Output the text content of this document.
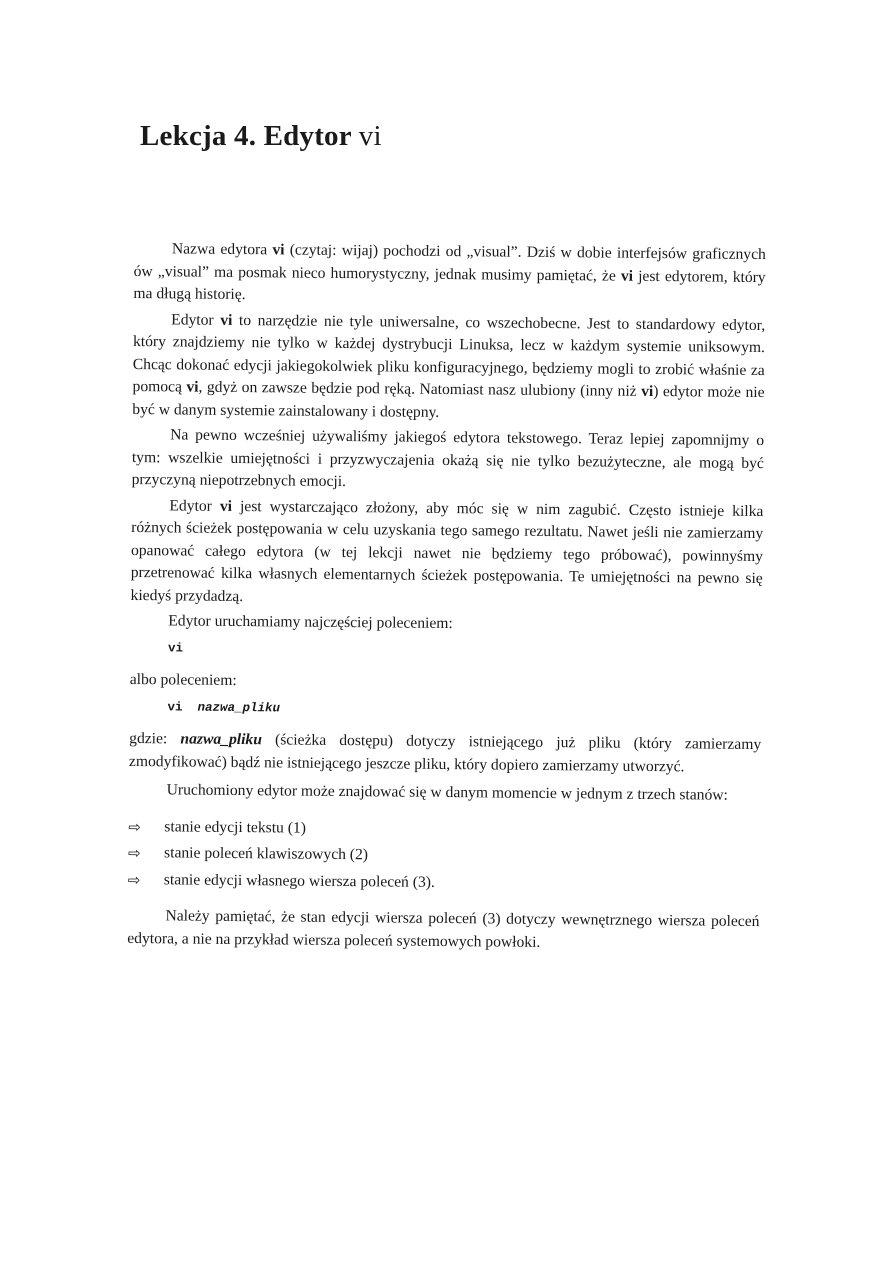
Lekcja 4. Edytor vi

Nazwa edytora vi (czytaj: wijaj) pochodzi od „visual”. Dziś w dobie interfejsów graficznych ów „visual” ma posmak nieco humorystyczny, jednak musimy pamiętać, że vi jest edytorem, który ma długą historię.

Edytor vi to narzędzie nie tyle uniwersalne, co wszechobecne. Jest to standardowy edytor, który znajdziemy nie tylko w każdej dystrybucji Linuksa, lecz w każdym systemie uniksowym. Chcąc dokonać edycji jakiegokolwiek pliku konfiguracyjnego, będziemy mogli to zrobić właśnie za pomocą vi, gdyż on zawsze będzie pod ręką. Natomiast nasz ulubiony (inny niż vi) edytor może nie być w danym systemie zainstalowany i dostępny.

Na pewno wcześniej używaliśmy jakiegoś edytora tekstowego. Teraz lepiej zapomnijmy o tym: wszelkie umiejętności i przyzwyczajenia okażą się nie tylko bezużyteczne, ale mogą być przyczyną niepotrzebnych emocji.

Edytor vi jest wystarczająco złożony, aby móc się w nim zagubić. Często istnieje kilka różnych ścieżek postępowania w celu uzyskania tego samego rezultatu. Nawet jeśli nie zamierzamy opanować całego edytora (w tej lekcji nawet nie będziemy tego próbować), powinnyśmy przetrenować kilka własnych elementarnych ścieżek postępowania. Te umiejętności na pewno się kiedyś przydadzą.

Edytor uruchamiamy najczęściej poleceniem:

vi

albo poleceniem:

vi nazwa_pliku

gdzie: nazwa_pliku (ścieżka dostępu) dotyczy istniejącego już pliku (który zamierzamy zmodyfikować) bądź nie istniejącego jeszcze pliku, który dopiero zamierzamy utworzyć.

Uruchomiony edytor może znajdować się w danym momencie w jednym z trzech stanów:

⇨ stanie edycji tekstu (1)
⇨ stanie poleceń klawiszowych (2)
⇨ stanie edycji własnego wiersza poleceń (3).

Należy pamiętać, że stan edycji wiersza poleceń (3) dotyczy wewnętrznego wiersza poleceń edytora, a nie na przykład wiersza poleceń systemowych powłoki.
